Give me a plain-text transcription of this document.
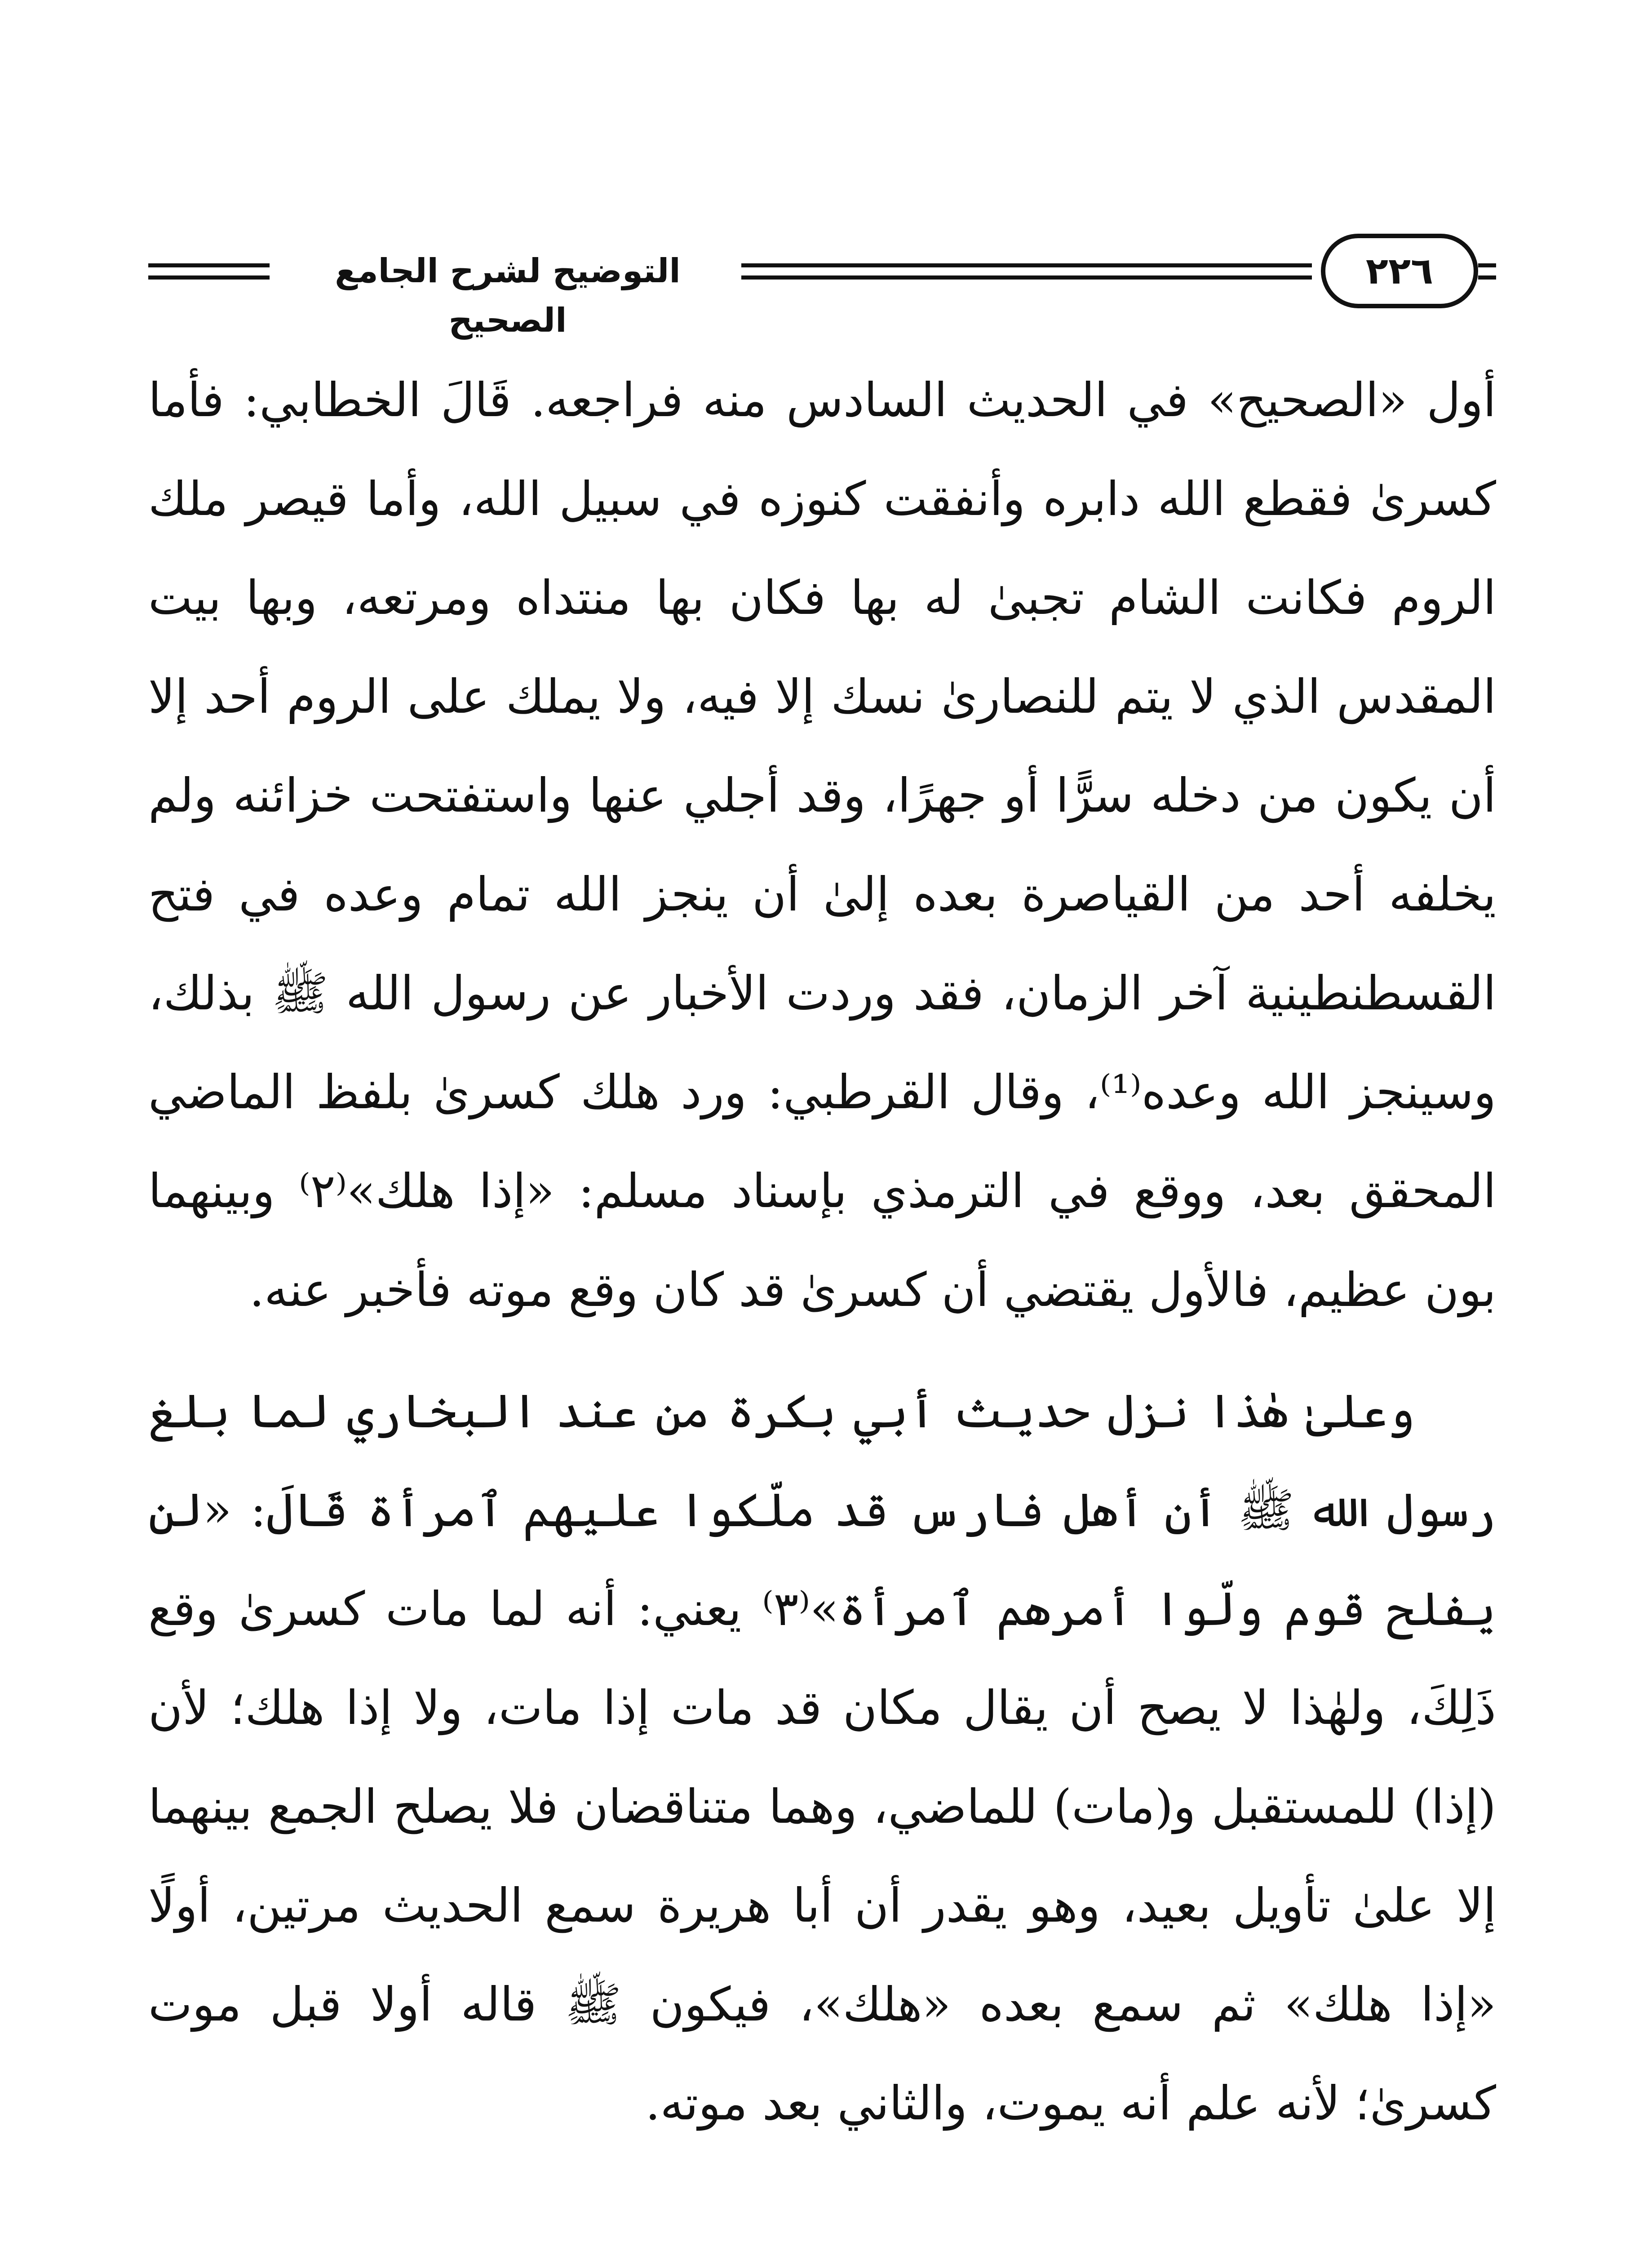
التوضيح لشرح الجامع الصحيح
٢٢٦

أول «الصحيح» في الحديث السادس منه فراجعه. قَالَ الخطابي: فأما كسرىٰ فقطع الله دابره وأنفقت كنوزه في سبيل الله، وأما قيصر ملك الروم فكانت الشام تجبىٰ له بها فكان بها منتداه ومرتعه، وبها بيت المقدس الذي لا يتم للنصارىٰ نسك إلا فيه، ولا يملك على الروم أحد إلا أن يكون من دخله سرًّا أو جهرًا، وقد أجلي عنها واستفتحت خزائنه ولم يخلفه أحد من القياصرة بعده إلىٰ أن ينجز الله تمام وعده في فتح القسطنطينية آخر الزمان، فقد وردت الأخبار عن رسول الله ﷺ بذلك، وسينجز الله وعده⁽¹⁾، وقال القرطبي: ورد هلك كسرىٰ بلفظ الماضي المحقق بعد، ووقع في الترمذي بإسناد مسلم: «إذا هلك»⁽٢⁾ وبينهما بون عظيم، فالأول يقتضي أن كسرىٰ قد كان وقع موته فأخبر عنه.

وعلىٰ هٰذا نزل حديث أبي بكرة من عند البخاري لما بلغ رسول الله ﷺ أن أهل فارس قد ملّكوا عليهم ٱمرأة قَالَ: «لن يفلح قوم ولّوا أمرهم ٱمرأة»⁽٣⁾ يعني: أنه لما مات كسرىٰ وقع ذَلِكَ، ولهٰذا لا يصح أن يقال مكان قد مات إذا مات، ولا إذا هلك؛ لأن (إذا) للمستقبل و(مات) للماضي، وهما متناقضان فلا يصلح الجمع بينهما إلا علىٰ تأويل بعيد، وهو يقدر أن أبا هريرة سمع الحديث مرتين، أولًا «إذا هلك» ثم سمع بعده «هلك»، فيكون ﷺ قاله أولا قبل موت كسرىٰ؛ لأنه علم أنه يموت، والثاني بعد موته.
